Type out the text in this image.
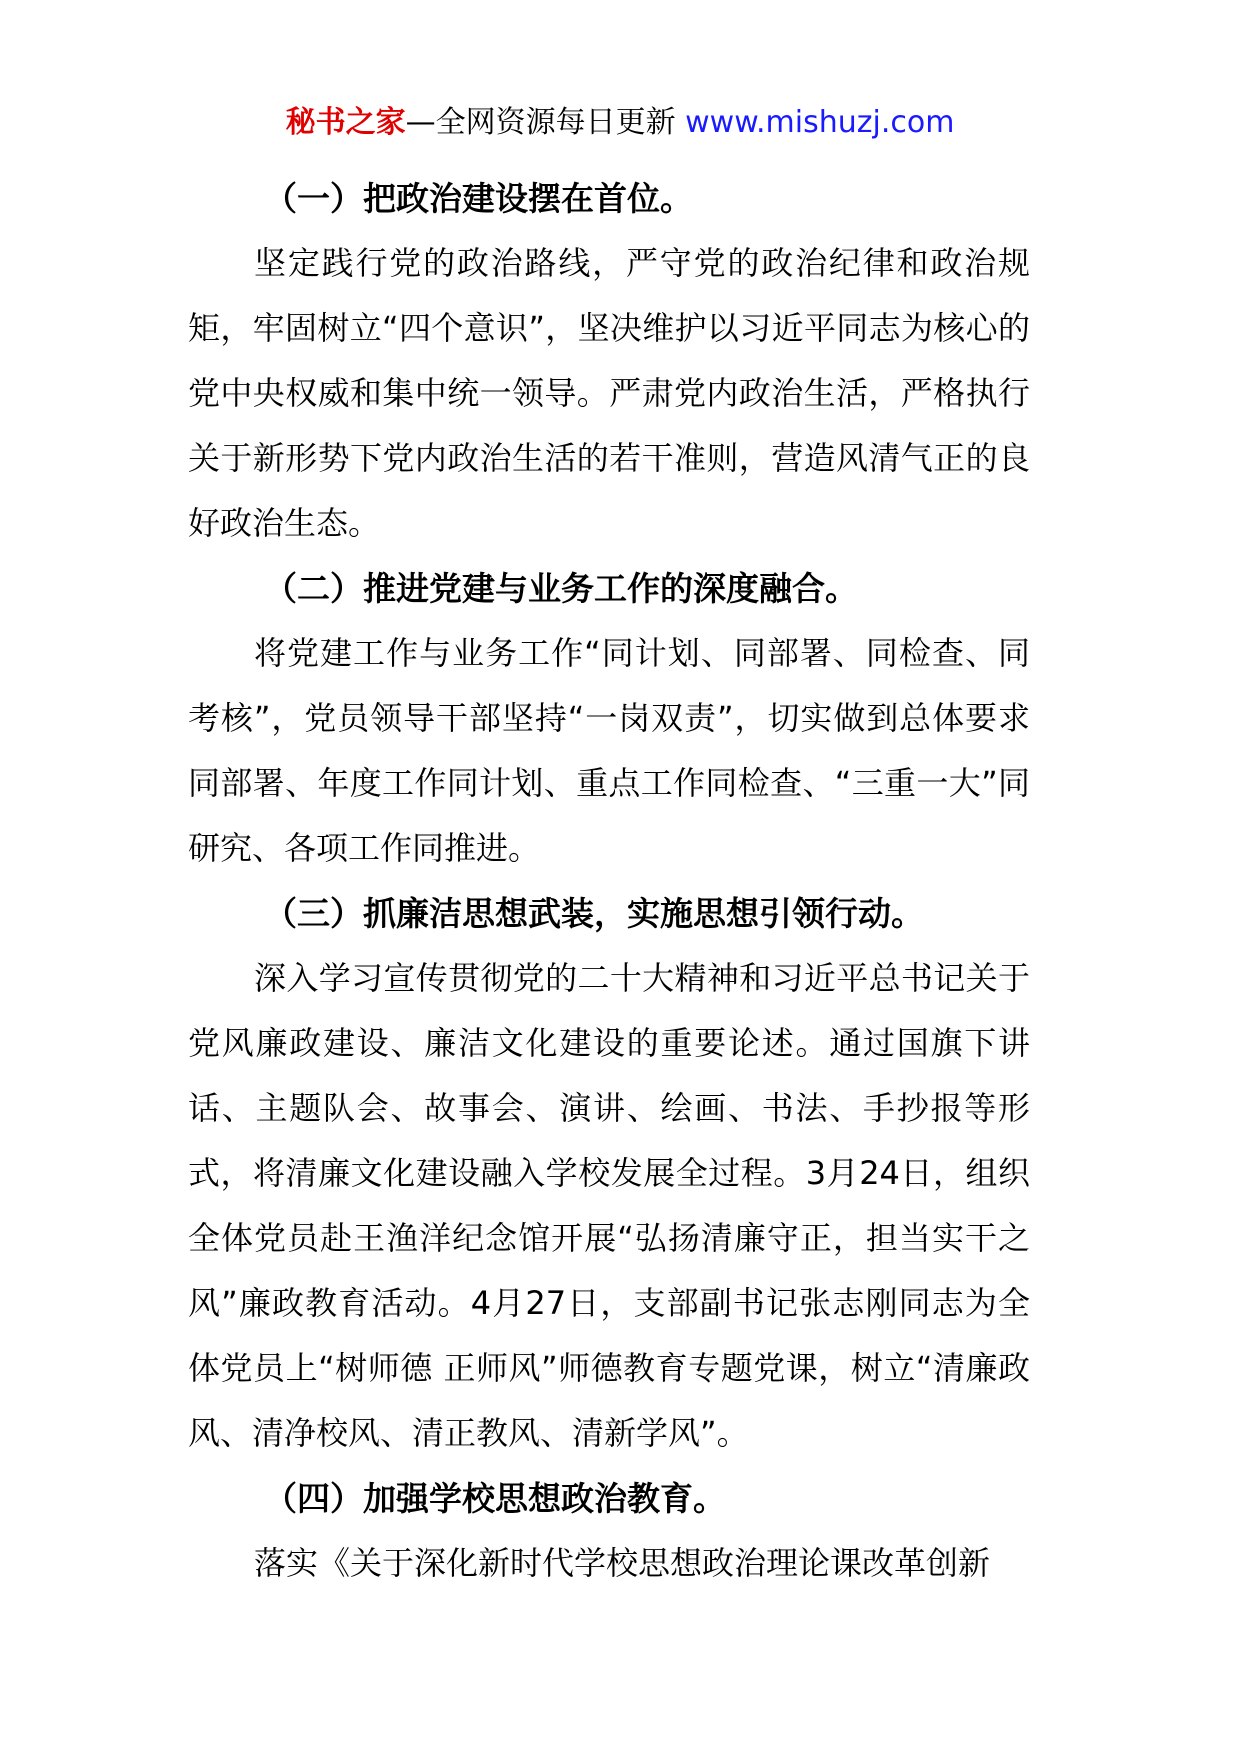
秘书之家—全网资源每日更新 www.mishuzj.com
（一）把政治建设摆在首位。

坚定践行党的政治路线，严守党的政治纪律和政治规矩，牢固树立“四个意识”，坚决维护以习近平同志为核心的党中央权威和集中统一领导。严肃党内政治生活，严格执行关于新形势下党内政治生活的若干准则，营造风清气正的良好政治生态。

（二）推进党建与业务工作的深度融合。

将党建工作与业务工作“同计划、同部署、同检查、同考核”，党员领导干部坚持“一岗双责”，切实做到总体要求同部署、年度工作同计划、重点工作同检查、“三重一大”同研究、各项工作同推进。

（三）抓廉洁思想武装，实施思想引领行动。

深入学习宣传贯彻党的二十大精神和习近平总书记关于党风廉政建设、廉洁文化建设的重要论述。通过国旗下讲话、主题队会、故事会、演讲、绘画、书法、手抄报等形式，将清廉文化建设融入学校发展全过程。3月24日，组织全体党员赴王渔洋纪念馆开展“弘扬清廉守正，担当实干之风”廉政教育活动。4月27日，支部副书记张志刚同志为全体党员上“树师德 正师风”师德教育专题党课，树立“清廉政风、清净校风、清正教风、清新学风”。

（四）加强学校思想政治教育。

落实《关于深化新时代学校思想政治理论课改革创新
